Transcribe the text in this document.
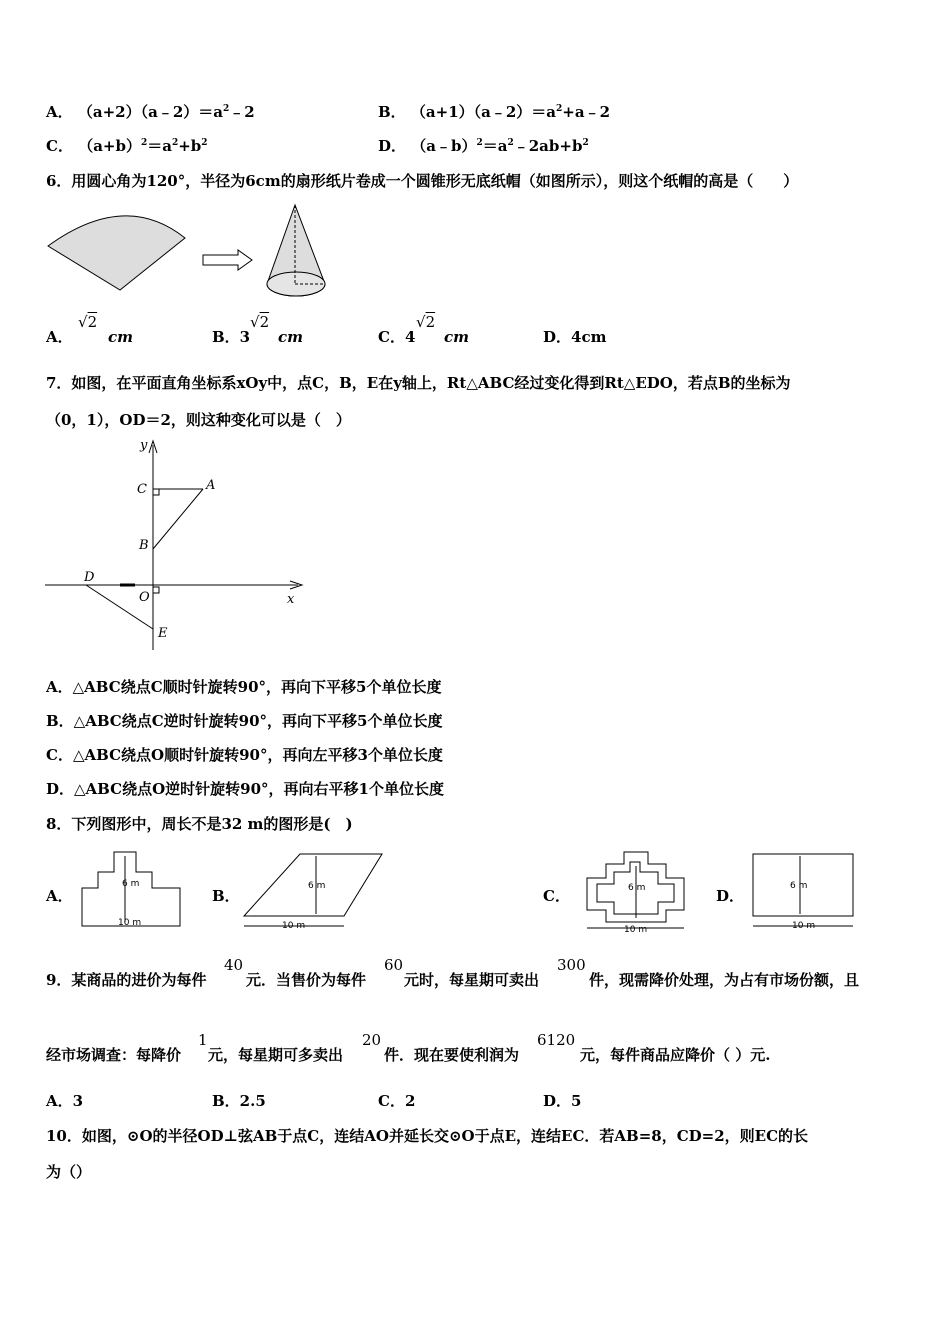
A． $(a+2)(a﹣2)=a^2﹣2$	B． $(a+1)(a﹣2)=a^2+a﹣2$
C． $(a+b)^2=a^2+b^2$	D． $(a﹣b)^2=a^2﹣2ab+b^2$
6．用圆心角为120°，半径为6cm的扇形纸片卷成一个圆锥形无底纸帽（如图所示），则这个纸帽的高是（　　）
A．
√2
cm	B．3
√2
cm	C．4
√2
cm	D．4cm
7．如图，在平面直角坐标系xOy中，点C，B，E在y轴上，Rt△ABC经过变化得到Rt△EDO，若点B的坐标为
（0，1），OD＝2，则这种变化可以是（　）
y
x
C	A
B
D
O
E
A．△ABC绕点C顺时针旋转90°，再向下平移5个单位长度
B．△ABC绕点C逆时针旋转90°，再向下平移5个单位长度
C．△ABC绕点O顺时针旋转90°，再向左平移3个单位长度
D．△ABC绕点O逆时针旋转90°，再向右平移1个单位长度
8．下列图形中，周长不是32 m的图形是(　)
A．
6 m
10 m
B．
6 m
10 m
C．	6 m
10 m
D．
6 m
10 m
9．某商品的进价为每件
40
元．当售价为每件
60
元时，每星期可卖出
300
件，现需降价处理，为占有市场份额，且
经市场调查：每降价
1
元，每星期可多卖出
20
件．现在要使利润为
6120
元，每件商品应降价（ ）元.
A．3	B．2.5	C．2	D．5
10．如图，⊙O的半径OD⊥弦AB于点C，连结AO并延长交⊙O于点E，连结EC．若AB=8，CD=2，则EC的长
为（）
